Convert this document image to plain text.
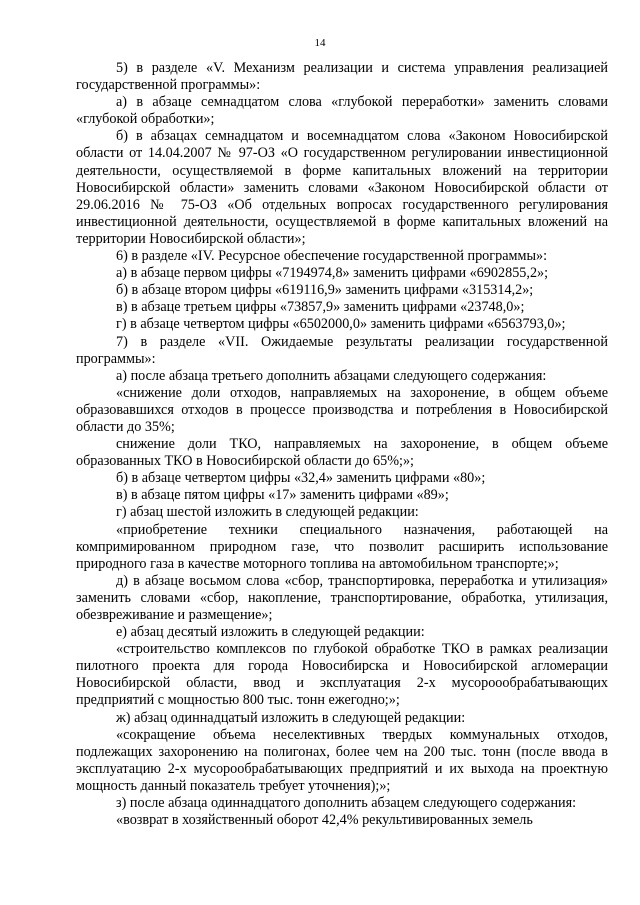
14

5) в разделе «V. Механизм реализации и система управления реализацией государственной программы»:

а) в абзаце семнадцатом слова «глубокой переработки» заменить словами «глубокой обработки»;

б) в абзацах семнадцатом и восемнадцатом слова «Законом Новосибирской области от 14.04.2007 № 97-ОЗ «О государственном регулировании инвестиционной деятельности, осуществляемой в форме капитальных вложений на территории Новосибирской области» заменить словами «Законом Новосибирской области от 29.06.2016 № 75-ОЗ «Об отдельных вопросах государственного регулирования инвестиционной деятельности, осуществляемой в форме капитальных вложений на территории Новосибирской области»;

6) в разделе «IV. Ресурсное обеспечение государственной программы»:

а) в абзаце первом цифры «7194974,8» заменить цифрами «6902855,2»;

б) в абзаце втором цифры «619116,9» заменить цифрами «315314,2»;

в) в абзаце третьем цифры «73857,9» заменить цифрами «23748,0»;

г) в абзаце четвертом цифры «6502000,0» заменить цифрами «6563793,0»;

7) в разделе «VII. Ожидаемые результаты реализации государственной программы»:

а) после абзаца третьего дополнить абзацами следующего содержания:

«снижение доли отходов, направляемых на захоронение, в общем объеме образовавшихся отходов в процессе производства и потребления в Новосибирской области до 35%;

снижение доли ТКО, направляемых на захоронение, в общем объеме образованных ТКО в Новосибирской области до 65%;»;

б) в абзаце четвертом цифры «32,4» заменить цифрами «80»;

в) в абзаце пятом цифры «17» заменить цифрами «89»;

г) абзац шестой изложить в следующей редакции:

«приобретение техники специального назначения, работающей на компримированном природном газе, что позволит расширить использование природного газа в качестве моторного топлива на автомобильном транспорте;»;

д) в абзаце восьмом слова «сбор, транспортировка, переработка и утилизация» заменить словами «сбор, накопление, транспортирование, обработка, утилизация, обезвреживание и размещение»;

е) абзац десятый изложить в следующей редакции:

«строительство комплексов по глубокой обработке ТКО в рамках реализации пилотного проекта для города Новосибирска и Новосибирской агломерации Новосибирской области, ввод и эксплуатация 2-х мусороообрабатывающих предприятий с мощностью 800 тыс. тонн ежегодно;»;

ж) абзац одиннадцатый изложить в следующей редакции:

«сокращение объема неселективных твердых коммунальных отходов, подлежащих захоронению на полигонах, более чем на 200 тыс. тонн (после ввода в эксплуатацию 2-х мусорообрабатывающих предприятий и их выхода на проектную мощность данный показатель требует уточнения);»;

з) после абзаца одиннадцатого дополнить абзацем следующего содержания:

«возврат в хозяйственный оборот 42,4% рекультивированных земель
